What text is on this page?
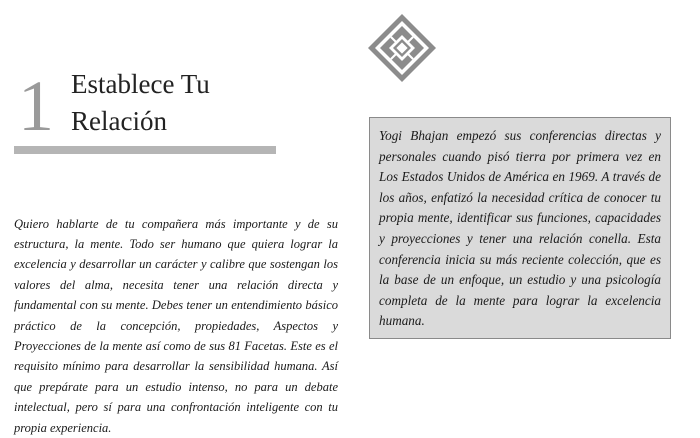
1 Establece Tu
Relación

Quiero hablarte de tu compañera más importante y de su estructura, la mente. Todo ser humano que quiera lograr la excelencia y desarrollar un carácter y calibre que sostengan los valores del alma, necesita tener una relación directa y fundamental con su mente. Debes tener un entendimiento básico práctico de la concepción, propiedades, Aspectos y Proyecciones de la mente así como de sus 81 Facetas. Este es el requisito mínimo para desarrollar la sensibilidad humana. Así que prepárate para un estudio intenso, no para un debate intelectual, pero sí para una confrontación inteligente con tu propia experiencia.

Yogi Bhajan empezó sus conferencias directas y personales cuando pisó tierra por primera vez en Los Estados Unidos de América en 1969. A través de los años, enfatizó la necesidad crítica de conocer tu propia mente, identificar sus funciones, capacidades y proyecciones y tener una relación conella. Esta conferencia inicia su más reciente colección, que es la base de un enfoque, un estudio y una psicología completa de la mente para lograr la excelencia humana.
